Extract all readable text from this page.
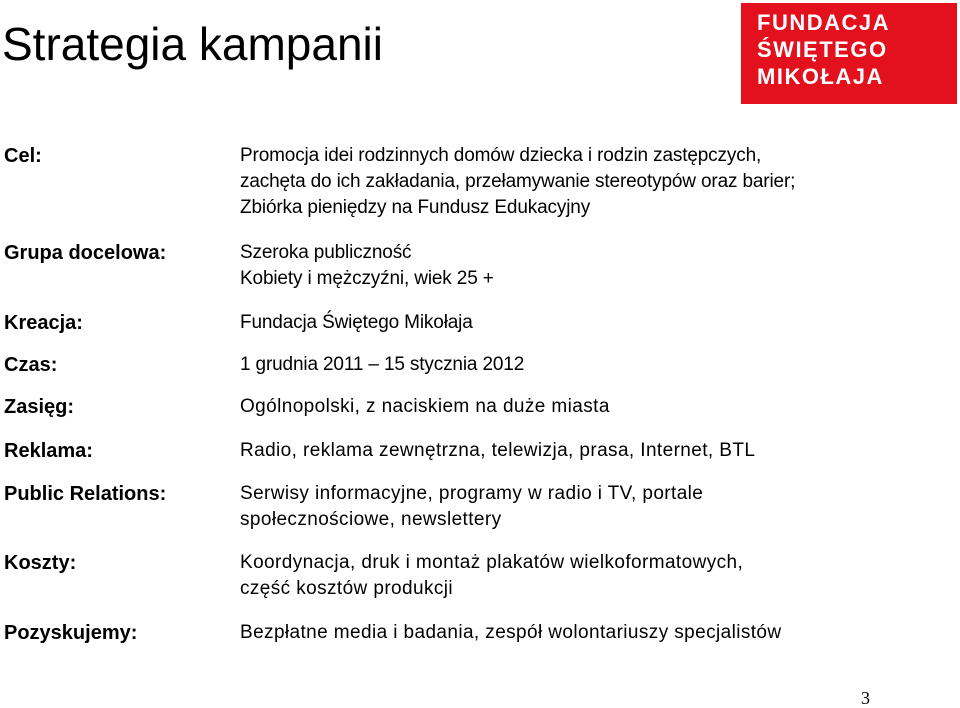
Strategia kampanii	FUNDACJA
ŚWIĘTEGO
MIKOŁAJA
Cel:	Promocja idei rodzinnych domów dziecka i rodzin zastępczych,
zachęta do ich zakładania, przełamywanie stereotypów oraz barier;
Zbiórka pieniędzy na Fundusz Edukacyjny
Grupa docelowa:	Szeroka publiczność
Kobiety i mężczyźni, wiek 25 +
Kreacja:	Fundacja Świętego Mikołaja
Czas:	1 grudnia 2011 – 15 stycznia 2012
Zasięg:	Ogólnopolski, z naciskiem na duże miasta
Reklama:	Radio, reklama zewnętrzna, telewizja, prasa, Internet, BTL
Public Relations:	Serwisy informacyjne, programy w radio i TV, portale
społecznościowe, newslettery
Koszty:	Koordynacja, druk i montaż plakatów wielkoformatowych,
część kosztów produkcji
Pozyskujemy:	Bezpłatne media i badania, zespół wolontariuszy specjalistów
3
